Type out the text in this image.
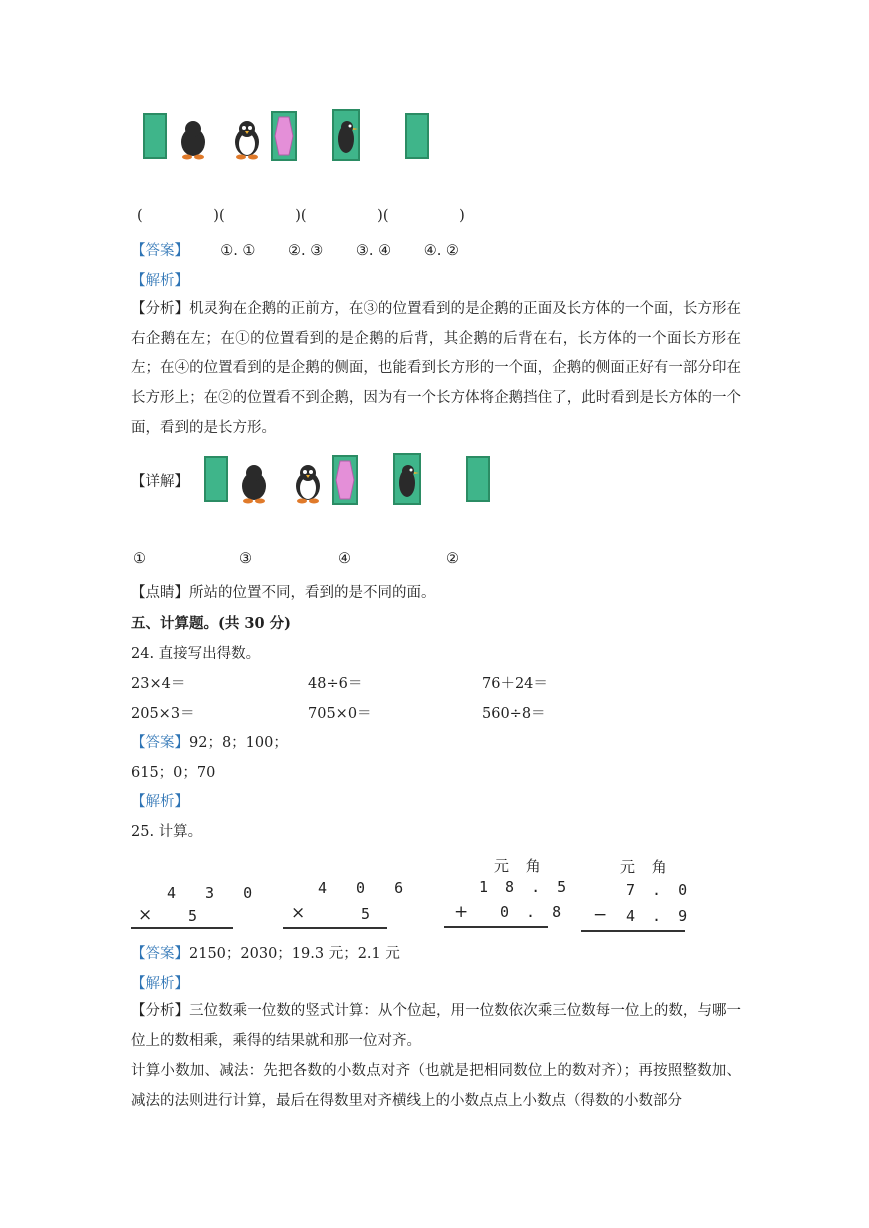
(	)(	)(	)(	)
【答案】 ①. ① ②. ③ ③. ④ ④. ②
【解析】
【分析】机灵狗在企鹅的正前方，在③的位置看到的是企鹅的正面及长方体的一个面，长方形在右企鹅在左；在①的位置看到的是企鹅的后背，其企鹅的后背在右，长方体的一个面长方形在左；在④的位置看到的是企鹅的侧面，也能看到长方形的一个面，企鹅的侧面正好有一部分印在长方形上；在②的位置看不到企鹅，因为有一个长方体将企鹅挡住了，此时看到是长方体的一个面，看到的是长方形。
【详解】
①	③	④	②
【点睛】所站的位置不同，看到的是不同的面。
五、计算题。(共 30 分)
24. 直接写出得数。
23×4＝	48÷6＝	76＋24＝
205×3＝	705×0＝	560÷8＝
【答案】92；8；100；
615；0；70
【解析】
25. 计算。
4 3 0
× 5
4 0 6
×	5
元 角
1 8 . 5
+ 0 . 8
元 角
7 . 0
− 4 . 9
【答案】2150；2030；19.3 元；2.1 元
【解析】
【分析】三位数乘一位数的竖式计算：从个位起，用一位数依次乘三位数每一位上的数，与哪一位上的数相乘，乘得的结果就和那一位对齐。
计算小数加、减法：先把各数的小数点对齐（也就是把相同数位上的数对齐）；再按照整数加、减法的法则进行计算，最后在得数里对齐横线上的小数点点上小数点（得数的小数部分
